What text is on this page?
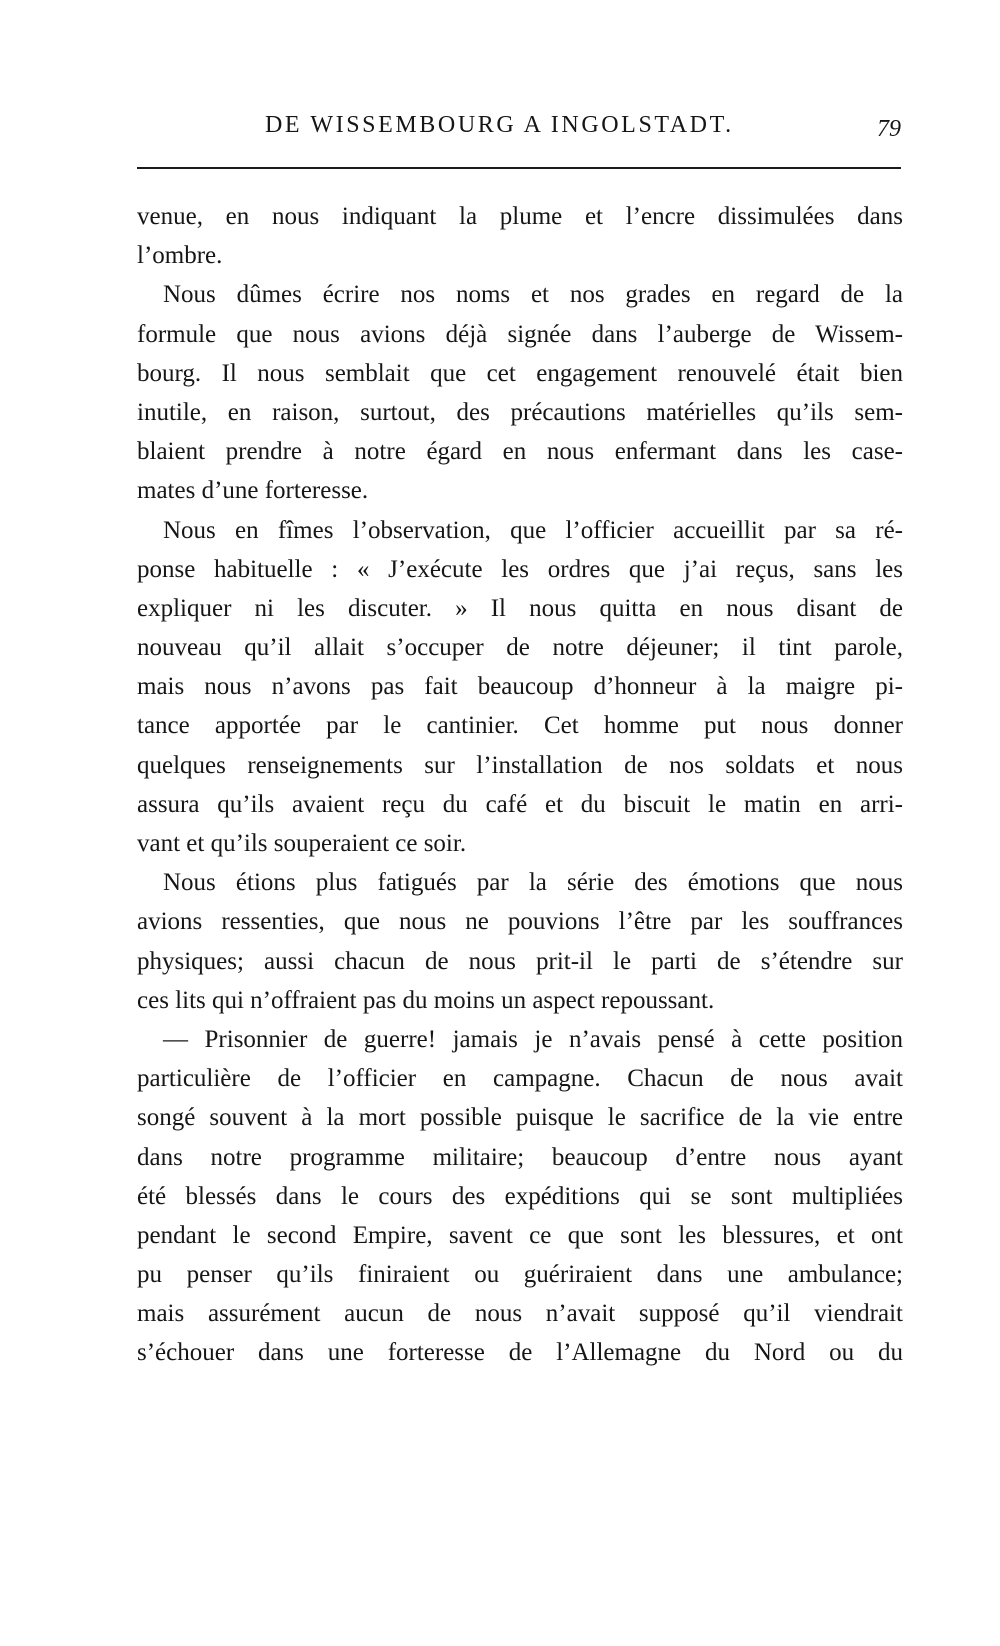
DE WISSEMBOURG A INGOLSTADT.	79
venue, en nous indiquant la plume et l’encre dissimulées dans
l’ombre.
Nous dûmes écrire nos noms et nos grades en regard de la
formule que nous avions déjà signée dans l’auberge de Wissem-
bourg. Il nous semblait que cet engagement renouvelé était bien
inutile, en raison, surtout, des précautions matérielles qu’ils sem-
blaient prendre à notre égard en nous enfermant dans les case-
mates d’une forteresse.
Nous en fîmes l’observation, que l’officier accueillit par sa ré-
ponse habituelle : « J’exécute les ordres que j’ai reçus, sans les
expliquer ni les discuter. » Il nous quitta en nous disant de
nouveau qu’il allait s’occuper de notre déjeuner; il tint parole,
mais nous n’avons pas fait beaucoup d’honneur à la maigre pi-
tance apportée par le cantinier. Cet homme put nous donner
quelques renseignements sur l’installation de nos soldats et nous
assura qu’ils avaient reçu du café et du biscuit le matin en arri-
vant et qu’ils souperaient ce soir.
Nous étions plus fatigués par la série des émotions que nous
avions ressenties, que nous ne pouvions l’être par les souffrances
physiques; aussi chacun de nous prit-il le parti de s’étendre sur
ces lits qui n’offraient pas du moins un aspect repoussant.
— Prisonnier de guerre! jamais je n’avais pensé à cette position
particulière de l’officier en campagne. Chacun de nous avait
songé souvent à la mort possible puisque le sacrifice de la vie entre
dans notre programme militaire; beaucoup d’entre nous ayant
été blessés dans le cours des expéditions qui se sont multipliées
pendant le second Empire, savent ce que sont les blessures, et ont
pu penser qu’ils finiraient ou guériraient dans une ambulance;
mais assurément aucun de nous n’avait supposé qu’il viendrait
s’échouer dans une forteresse de l’Allemagne du Nord ou du
